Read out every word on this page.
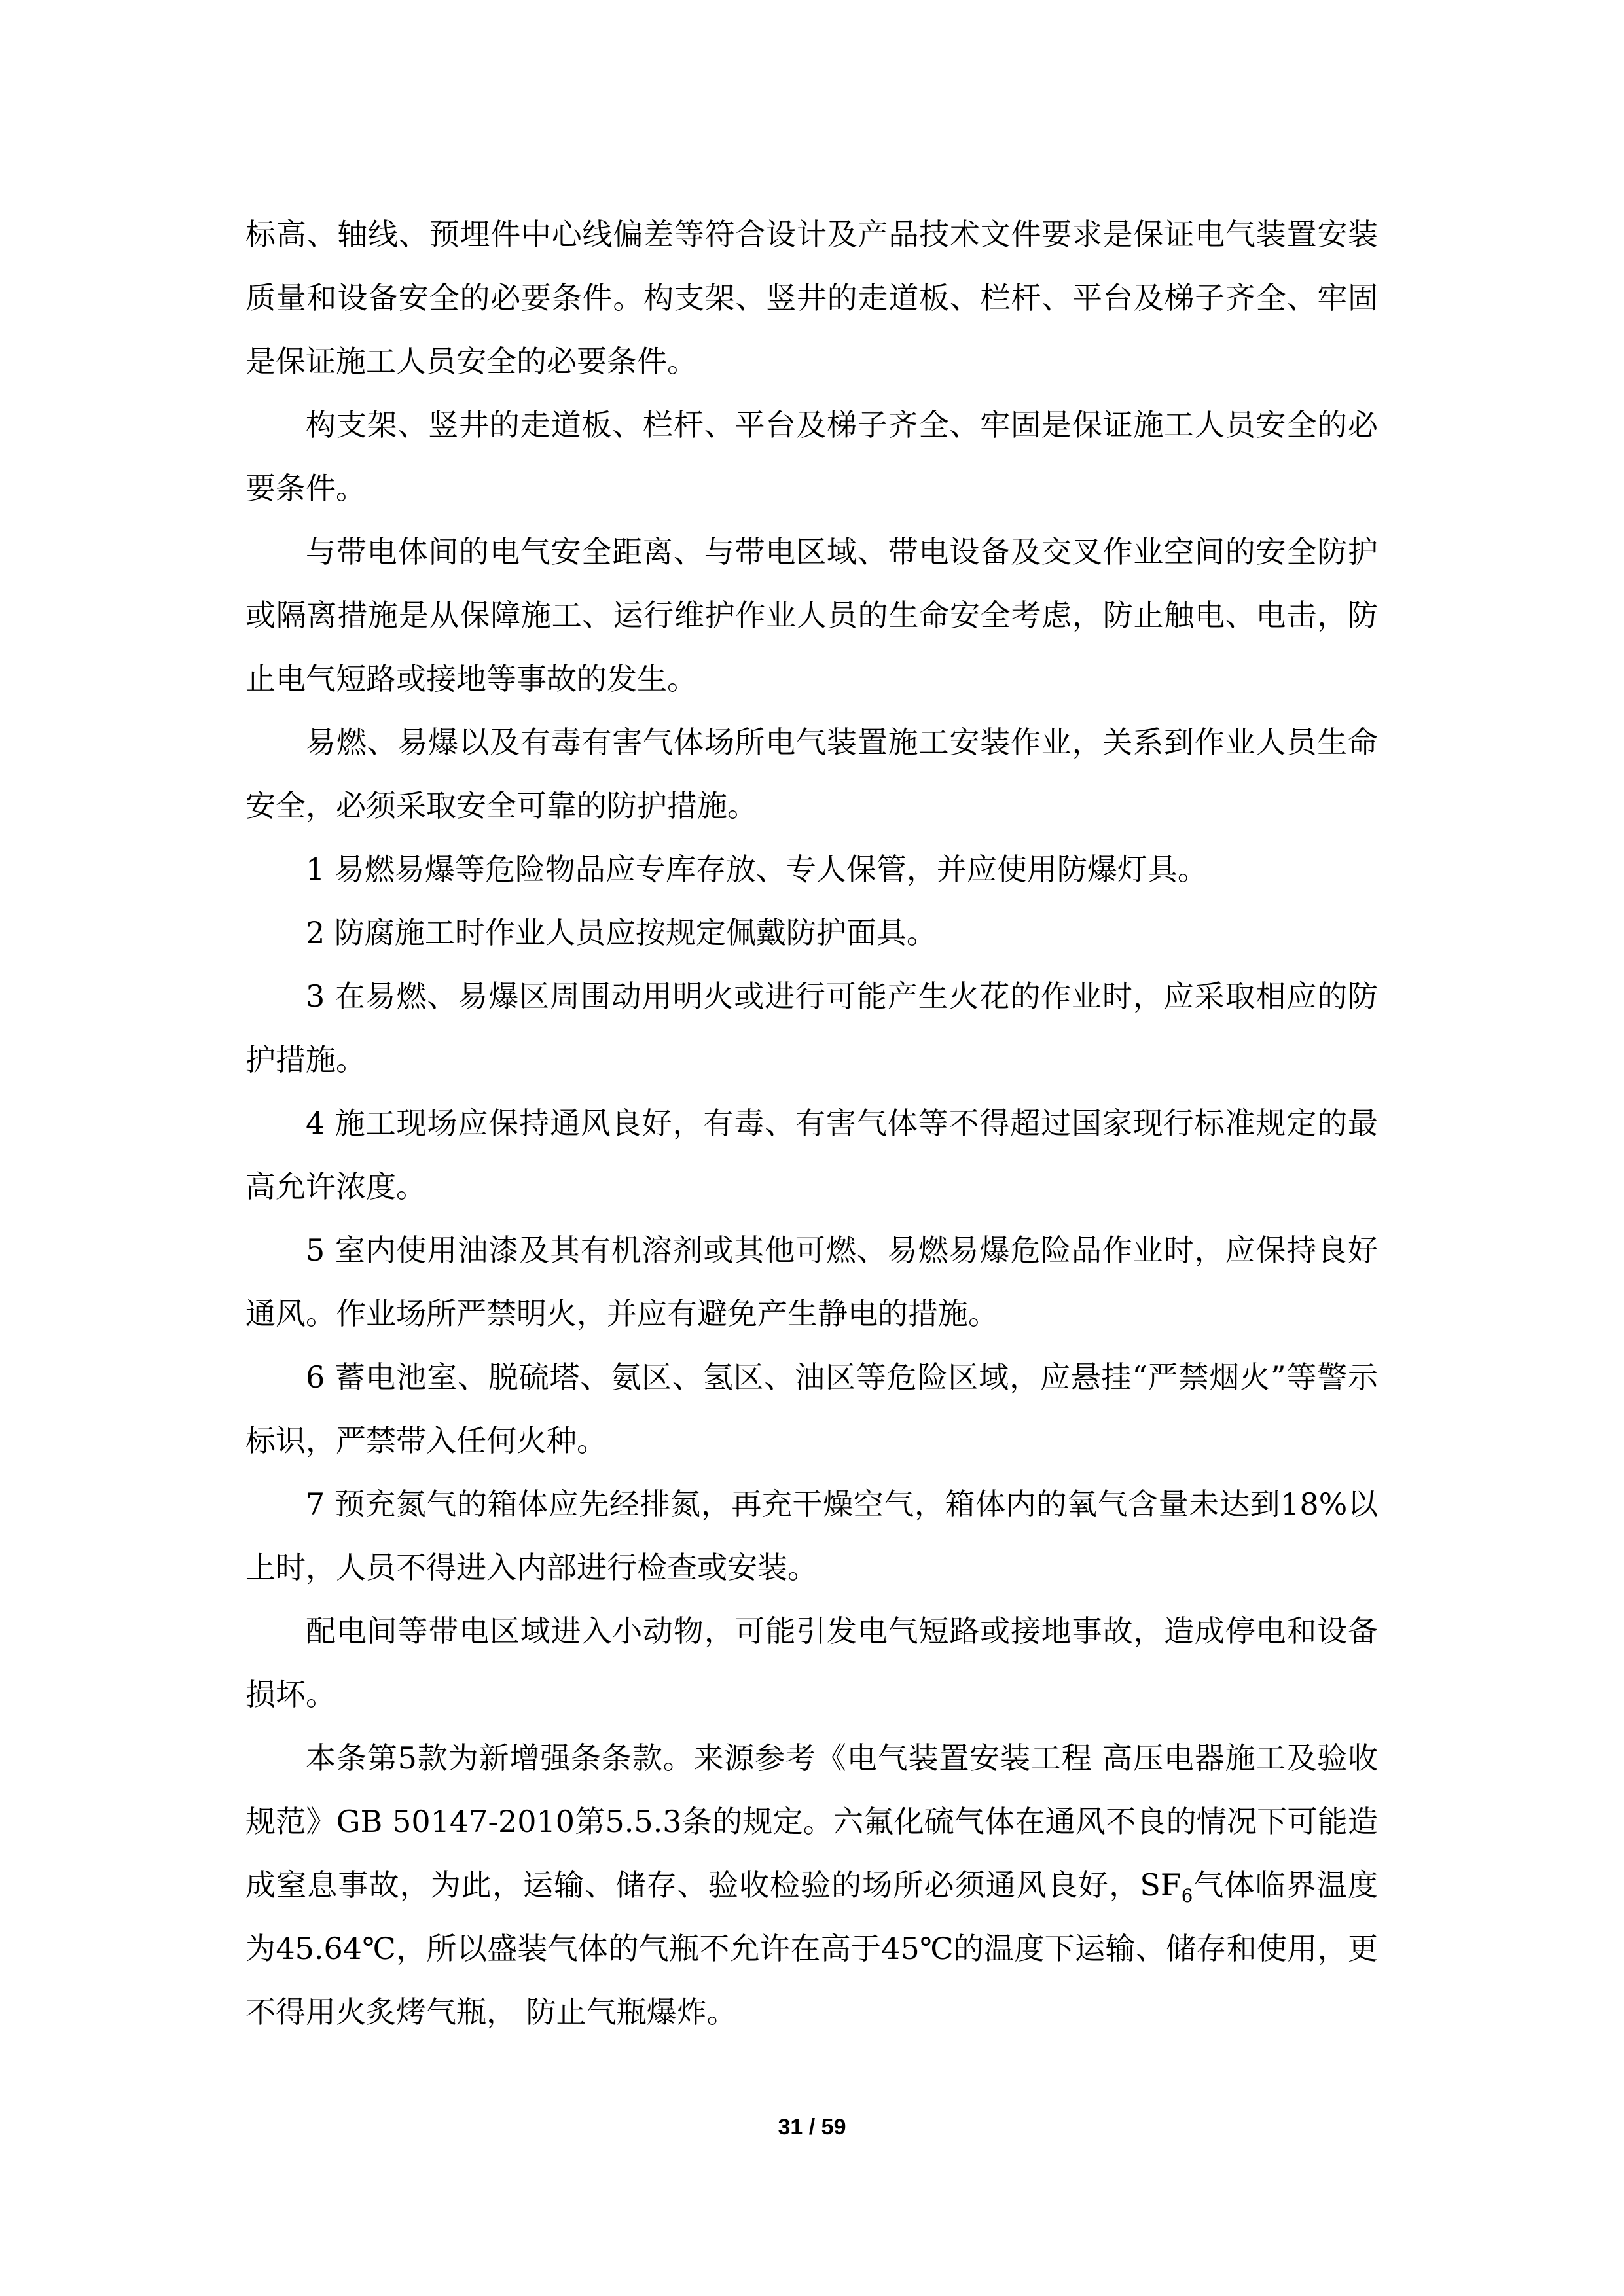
标高、轴线、预埋件中心线偏差等符合设计及产品技术文件要求是保证电气装置安装质量和设备安全的必要条件。构支架、竖井的走道板、栏杆、平台及梯子齐全、牢固是保证施工人员安全的必要条件。

构支架、竖井的走道板、栏杆、平台及梯子齐全、牢固是保证施工人员安全的必要条件。

与带电体间的电气安全距离、与带电区域、带电设备及交叉作业空间的安全防护或隔离措施是从保障施工、运行维护作业人员的生命安全考虑，防止触电、电击，防止电气短路或接地等事故的发生。

易燃、易爆以及有毒有害气体场所电气装置施工安装作业，关系到作业人员生命安全，必须采取安全可靠的防护措施。

1 易燃易爆等危险物品应专库存放、专人保管，并应使用防爆灯具。

2 防腐施工时作业人员应按规定佩戴防护面具。

3 在易燃、易爆区周围动用明火或进行可能产生火花的作业时，应采取相应的防护措施。

4 施工现场应保持通风良好，有毒、有害气体等不得超过国家现行标准规定的最高允许浓度。

5 室内使用油漆及其有机溶剂或其他可燃、易燃易爆危险品作业时，应保持良好通风。作业场所严禁明火，并应有避免产生静电的措施。

6 蓄电池室、脱硫塔、氨区、氢区、油区等危险区域，应悬挂“严禁烟火”等警示标识，严禁带入任何火种。

7 预充氮气的箱体应先经排氮，再充干燥空气，箱体内的氧气含量未达到18%以上时，人员不得进入内部进行检查或安装。

配电间等带电区域进入小动物，可能引发电气短路或接地事故，造成停电和设备损坏。

本条第5款为新增强条条款。来源参考《电气装置安装工程 高压电器施工及验收规范》GB 50147-2010第5.5.3条的规定。六氟化硫气体在通风不良的情况下可能造成窒息事故，为此，运输、储存、验收检验的场所必须通风良好，$SF_6$气体临界温度为45.64℃，所以盛装气体的气瓶不允许在高于45℃的温度下运输、储存和使用，更不得用火炙烤气瓶， 防止气瓶爆炸。

31 / 59
